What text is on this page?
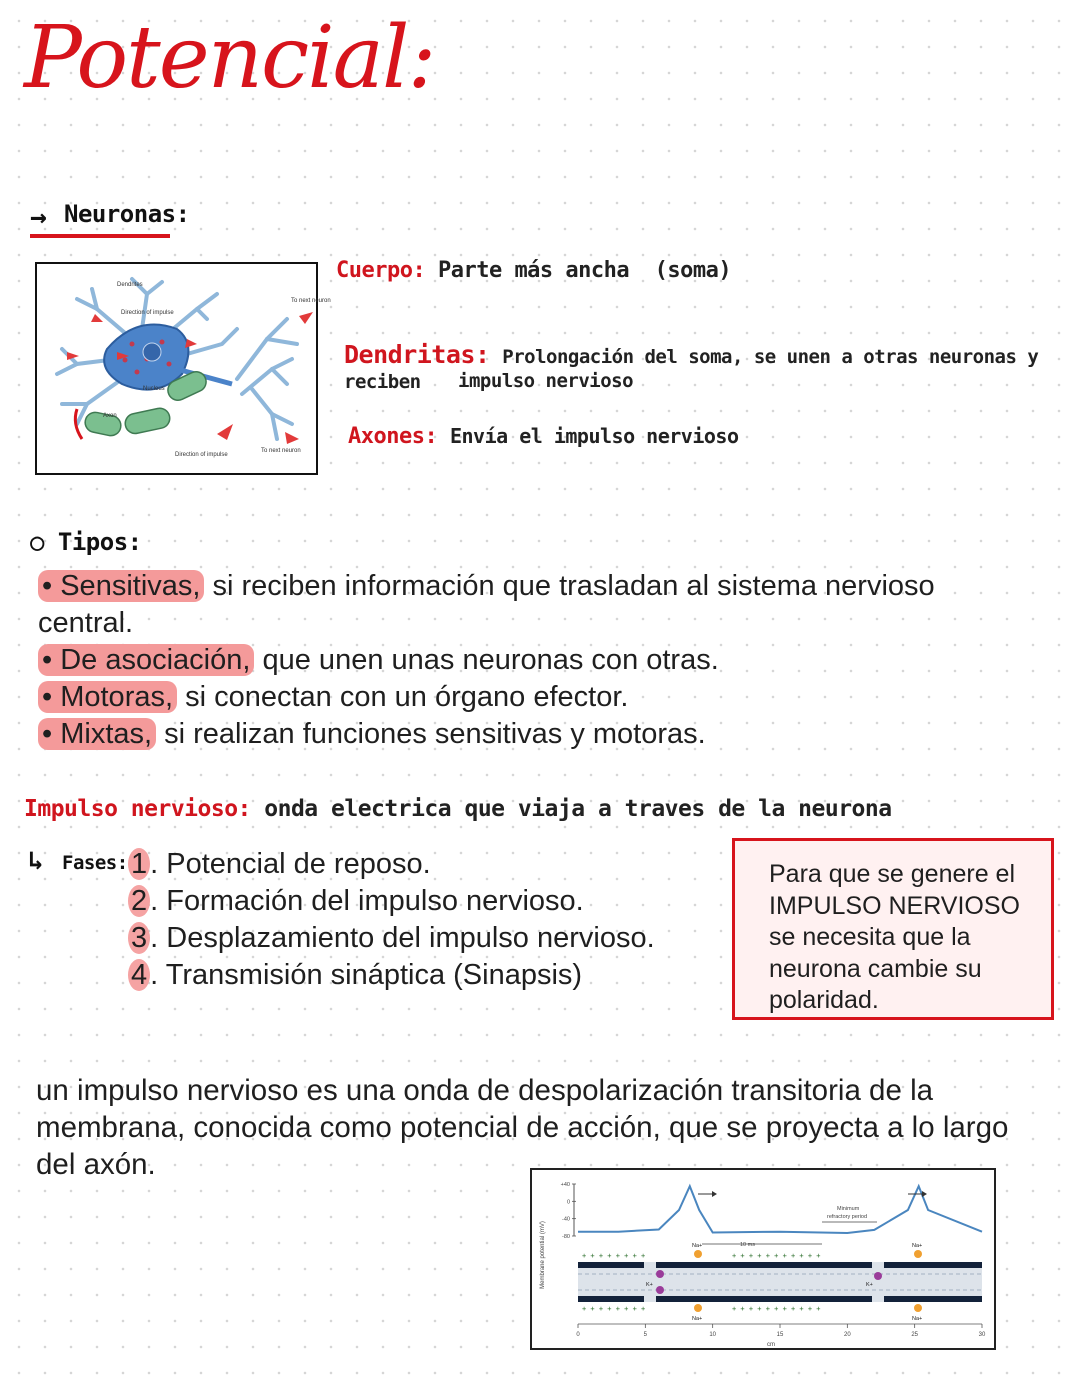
Potencial:
→ Neuronas:
Dendrites
Direction of impulse
To next neuron
Nucleus
Axon
Direction of impulse
To next neuron
Cuerpo: Parte más ancha  (soma)
Dendritas: Prolongación del soma, se unen a otras neuronas y reciben	impulso nervioso
Axones: Envía el impulso nervioso
○ Tipos:
• Sensitivas, si reciben información que trasladan al sistema nervioso
central.
• De asociación, que unen unas neuronas con otras.
• Motoras, si conectan con un órgano efector.
• Mixtas, si realizan funciones sensitivas y motoras.
Impulso nervioso: onda electrica que viaja a traves de la neurona
↳ Fases: 1 . Potencial de reposo.
2 . Formación del impulso nervioso.
3 . Desplazamiento del impulso nervioso.
4 . Transmisión sináptica (Sinapsis)
Para que se genere el
IMPULSO NERVIOSO
se necesita que la
neurona cambie su
polaridad.
un impulso nervioso es una onda de despolarización transitoria de la membrana, conocida como potencial de acción, que se proyecta a lo largo del axón.
Membrane potential (mV)
+40
0
-40
-80
Minimum
refractory period
10 ms
+ + + + + + + +	+ + + + + + + + + + +
+ + + + + + + +	+ + + + + + + + + + +
Na+
Na+
K+	K+
Na+
Na+
0	5	10	15	20	25	30
cm
